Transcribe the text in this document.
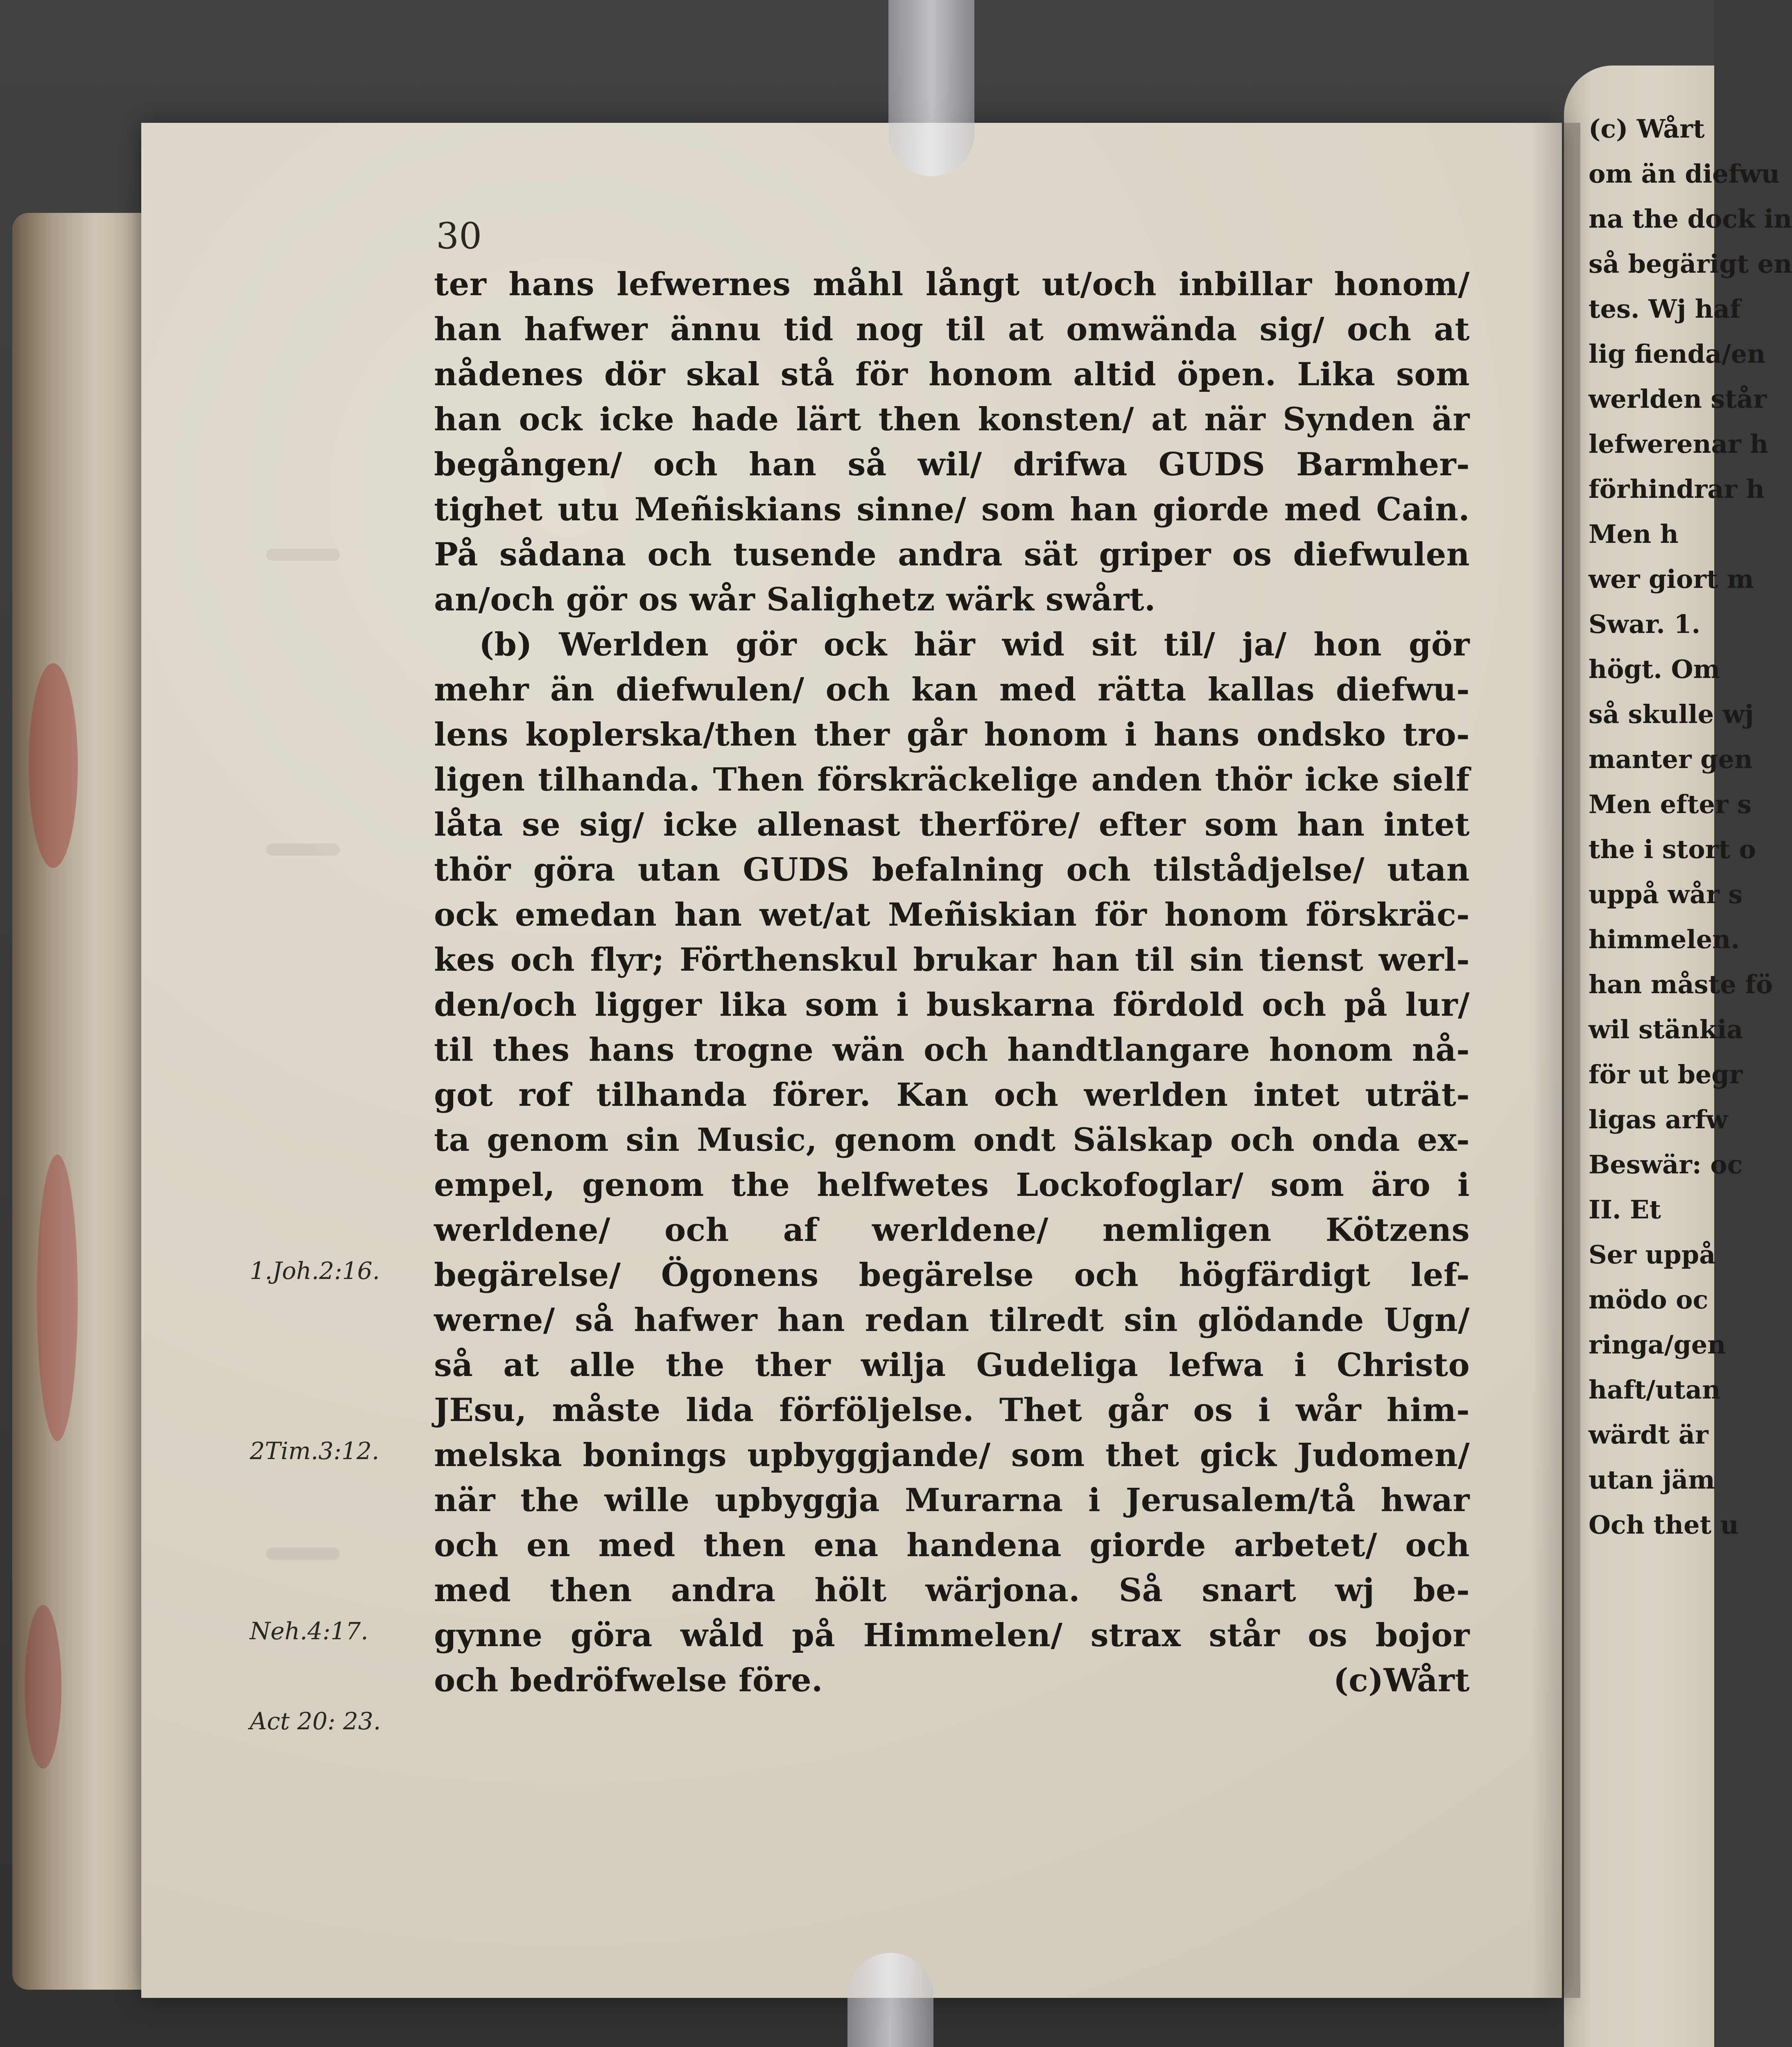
(c) Wårt
om än diefwu
na the dock in
så begärigt en
tes. Wj haf
lig fienda/en
werlden står
lefwerenar h
förhindrar h
Men h
wer giort m
Swar. 1.
högt. Om
så skulle wj
manter gen
Men efter s
the i stort o
uppå wår s
himmelen.
han måste fö
wil stänkia
för ut begr
ligas arfw
Beswär: oc
II. Et
Ser uppå
mödo oc
ringa/gen
haft/utan
wärdt är
utan jäm
Och thet u
30
ter hans lefwernes måhl långt ut/och inbillar honom/
han hafwer ännu tid nog til at omwända sig/ och at
nådenes dör skal stå för honom altid öpen. Lika som
han ock icke hade lärt then konsten/ at när Synden är
begången/ och han så wil/ drifwa GUDS Barmher-
tighet utu Meñiskians sinne/ som han giorde med Cain.
På sådana och tusende andra sät griper os diefwulen
an/och gör os wår Salighetz wärk swårt.
(b) Werlden gör ock här wid sit til/ ja/ hon gör
mehr än diefwulen/ och kan med rätta kallas diefwu-
lens koplerska/then ther går honom i hans ondsko tro-
ligen tilhanda. Then förskräckelige anden thör icke sielf
låta se sig/ icke allenast therföre/ efter som han intet
thör göra utan GUDS befalning och tilstådjelse/ utan
ock emedan han wet/at Meñiskian för honom förskräc-
kes och flyr; Förthenskul brukar han til sin tienst werl-
den/och ligger lika som i buskarna fördold och på lur/
til thes hans trogne wän och handtlangare honom nå-
got rof tilhanda förer. Kan och werlden intet uträt-
ta genom sin Music, genom ondt Sälskap och onda ex-
empel, genom the helfwetes Lockofoglar/ som äro i
werldene/ och af werldene/ nemligen Kötzens
begärelse/ Ögonens begärelse och högfärdigt lef-
werne/ så hafwer han redan tilredt sin glödande Ugn/
så at alle the ther wilja Gudeliga lefwa i Christo
JEsu, måste lida förföljelse. Thet går os i wår him-
melska bonings upbyggjande/ som thet gick Judomen/
när the wille upbyggja Murarna i Jerusalem/tå hwar
och en med then ena handena giorde arbetet/ och
med then andra hölt wärjona. Så snart wj be-
gynne göra wåld på Himmelen/ strax står os bojor
och bedröfwelse före.	(c)Wårt
1.Joh.2:16.
2Tim.3:12.
Neh.4:17.
Act 20: 23.
